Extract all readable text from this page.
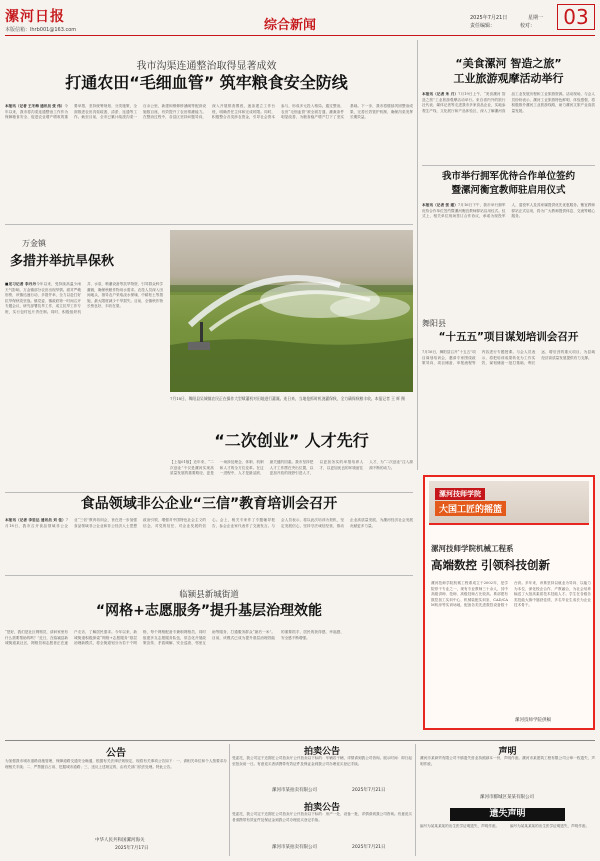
漯河日报
本版信箱：lhrb001@163.com	综合新闻	2025年7月21日	星期一
责任编辑：	校对：	03
我市沟渠连通整治取得显著成效
打通农田“毛细血管” 筑牢粮食安全防线
本报讯（记者 王冬梅 通讯员 张 伟）今年以来，我市将沟渠连通整治工作作为保障粮食安全、促进农业增产增收的重要举措，坚持统筹规划、分类施策，全面推进农田沟渠疏浚、清淤、连通等工作。截至目前，全市已累计疏浚沟渠一百余公里，新建和维修桥涵闸等配套设施数百座，有效提升了农田排灌能力。在整治过程中，各县区坚持问题导向，深入开展排查摸底，逐条建立工作台账，明确责任主体和完成时限。同时，积极整合各类涉农资金，引导社会资本参与，形成多元投入格局。通过整治，农田“毛细血管”被全面打通，灌溉条件明显改善，为粮食稳产增产打下了坚实基础。下一步，我市将继续巩固整治成果，完善长效管护机制，确保沟渠发挥长期效益。
“美食漯河 智造之旅”
工业旅游观摩活动举行
本报讯（记者 朱 月）7月19日上午，“美食漯河 智造之旅”工业旅游观摩活动举行。来自省内外的旅行社代表、媒体记者等走进我市多家食品企业，实地参观生产线、文化展厅和产品体验区，深入了解漯河食品工业发展历程和工业旅游资源。活动现场，与会人员纷纷表示，漯河工业旅游特色鲜明、体验感强，将积极推介漯河工业旅游线路，助力漯河文旅产业高质量发展。
我市举行拥军优待合作单位签约
暨漯河衡宜教师驻启用仪式
本报讯（记者 张 建）7月16日下午，我市举行拥军优待合作单位签约暨漯河衡宜教师驿站启用仪式。仪式上，相关单位现场签订合作协议，承诺为现役军人、退役军人及其家属提供优先优惠服务。衡宜教师驿站正式启用，将为广大教师提供休息、交流等暖心服务。
舞阳县
“十五五”项目谋划培训会召开
7月16日，舞阳县召开“十五五”项目谋划培训会，邀请专家围绕政策导向、项目储备、申报流程等内容进行专题授课。与会人员表示，将把培训成果转化为工作实效，谋划储备一批打基础、利长远、增后劲的重大项目，为县域经济高质量发展提供有力支撑。
万金镇
多措并举抗旱保秋
■见习记者 李丹丹今年以来，受持续高温少雨天气影响，万金镇部分农田出现旱情。面对严峻形势，该镇迅速行动，多措并举，全力以赴打好抗旱保秋攻坚战。镇党委、镇政府第一时间召开专题会议，研究部署抗旱工作，成立抗旱工作专班，实行包村包片责任制。同时，积极组织机井、水泵、喷灌设备等抗旱物资，引导群众科学灌溉，确保秋粮作物用水需求。农技人员深入田间地头，指导农户采取浇水保墒、中耕松土等措施，最大限度减少干旱损失。目前，全镇秋作物长势良好，丰收在望。
7月18日，舞阳县吴城镇农民正在操作大型喷灌机对田地进行灌溉。连日来，当地抢抓时机浇灌保秋，全力确保秋粮丰收。本报记者 王 辉 摄
“二次创业” 人才先行
【上接01版】近年来，“二次创业”不仅是漯河实现高质量发展的重要路径，更是一场涉及理念、体制、机制和人才的全方位变革。在这一进程中，人才是最活跃、最关键的因素。我市坚持把人才工作摆在突出位置，以更加开放的视野引进人才，以更加务实的举措培养人才，以更加优良的环境留住人才，为“二次创业”注入源源不断的动力。
食品领域非公企业“三信”教育培训会召开
本报讯（记者 李思达 通讯员 刘 佳）7月18日，我市召开食品领域非公企业“三信”教育培训会，旨在进一步加强食品领域非公企业和非公经济人士思想政治引领，增强对中国特色社会主义的信念、对党的信任、对企业发展的信心。会上，相关专家作了专题辅导报告，参会企业家代表作了交流发言。与会人员表示，将以此次培训为契机，坚定发展信心，坚持守法诚信经营，推动企业高质量发展，为漯河经济社会发展贡献更多力量。
临颍县新城街道
“网格+志愿服务”提升基层治理效能
“您好，我们是社区网格员，请问家里有什么需要帮助的吗？”近日，在临颍县新城街道某社区，网格员和志愿者正在逐户走访，了解居民需求。今年以来，新城街道积极探索“网格+志愿服务”基层治理新模式，将全街道划分为若干个网格，每个网格配备专兼职网格员，同时组建多支志愿服务队伍，常态化开展政策宣传、矛盾调解、安全巡查、邻里互助等服务，打通服务群众“最后一米”。目前，该模式已成为提升基层治理效能的重要抓手，居民的获得感、幸福感、安全感不断增强。
漯河技师学院
大国工匠的摇篮
漯河技师学院机械工程系
高端数控 引领科技创新
漯河技师学院机械工程系成立于2002年，是学院骨干专业之一，现有专业教师三十余人，其中高级讲师、技师、高级技师占比较高。系部建有数控加工实训中心、机械装配实训室、CAD/CAM机房等实训场地，配备各类先进数控设备数十台套。多年来，该系坚持以就业为导向、以能力为本位，深化校企合作、产教融合，为社会培养输送了大批高素质技术技能人才。学生在各级各类技能大赛中屡获佳绩，多名毕业生成长为企业技术骨干。
漯河技师学院供稿
公告
为加强我市城市道路设施管理，保障道路交通安全畅通，根据有关法律法规规定，现将有关事项公告如下：一、请相关单位和个人按要求办理相关手续；二、严禁擅自占用、挖掘城市道路；三、违反上述规定的，由有关部门依法处理。特此公告。
中华人民共和国漯河海关
2025年7月17日
拍卖公告
受委托，我公司定于近期在公司拍卖厅公开拍卖以下标的：车辆若干辆，详情请到我公司咨询。展示时间：即日起至拍卖前一日。有意竞买者请携带有效证件及保证金到我公司办理竞买登记手续。
漯河市某拍卖有限公司	2025年7月21日
拍卖公告
受委托，我公司定于近期在公司拍卖厅公开拍卖以下标的：房产一处、设备一批，详情请到我公司咨询。有意竞买者请携带有效证件及保证金到我公司办理竞买登记手续。
漯河市某拍卖有限公司	2025年7月21日
声明
漯河市某商贸有限公司不慎遗失营业执照副本一份，声明作废。漯河市某建筑工程有限公司公章一枚遗失，声明作废。
漯河市郾城区某某有限公司
遗失声明
编号为某某某某的出生医学证明遗失，声明作废。	编号为某某某某的出生医学证明遗失，声明作废。
